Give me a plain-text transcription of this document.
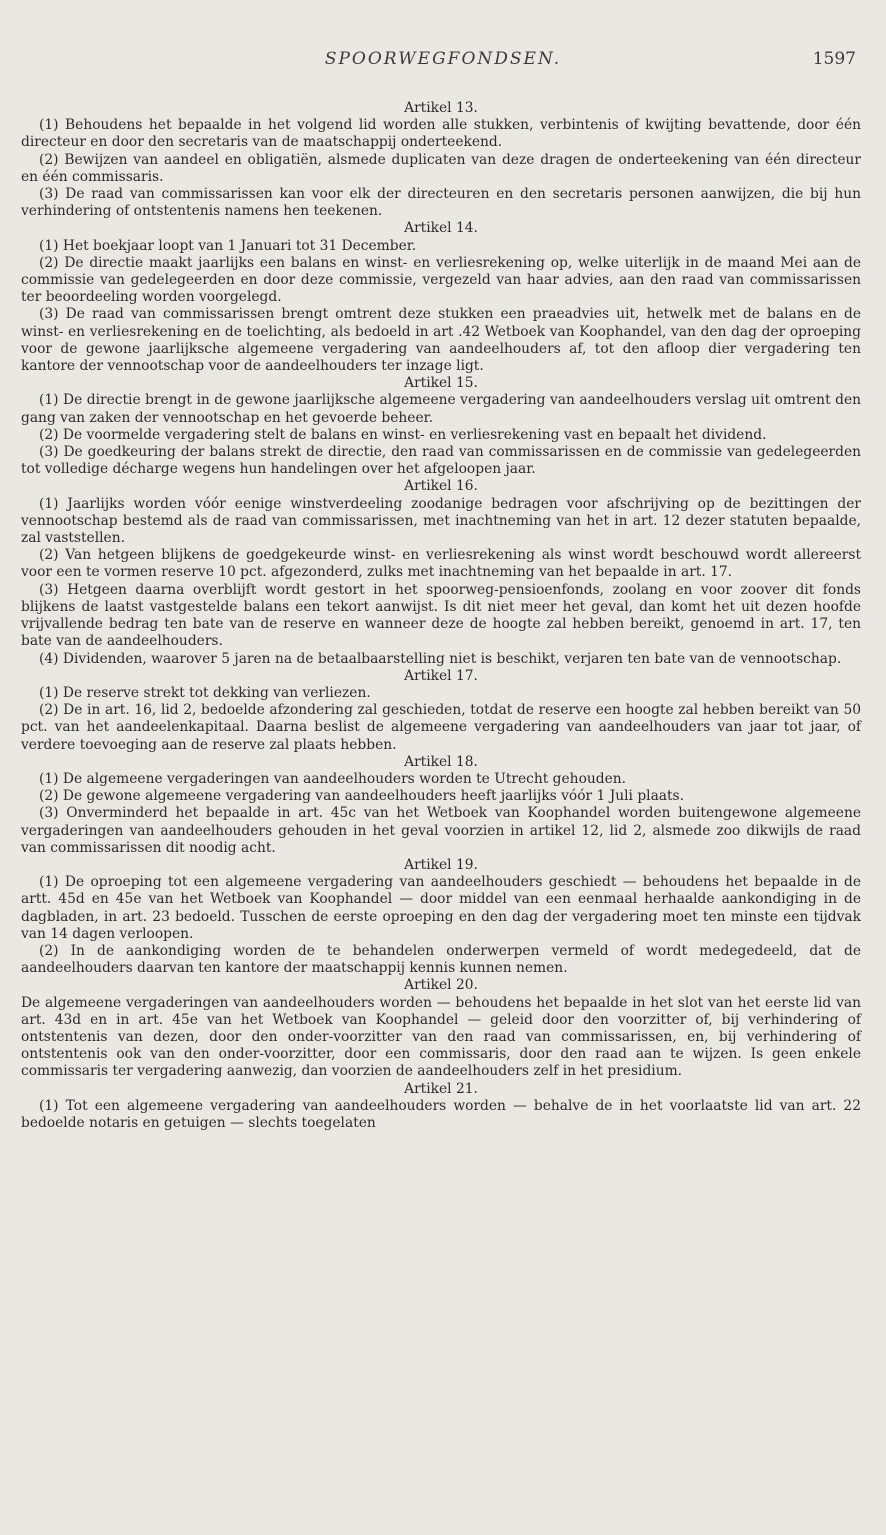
SPOORWEGFONDSEN.	1597

Artikel 13.

(1) Behoudens het bepaalde in het volgend lid worden alle stukken, verbintenis of kwijting bevattende, door één directeur en door den secretaris van de maatschappij onderteekend.

(2) Bewijzen van aandeel en obligatiën, alsmede duplicaten van deze dragen de onderteekening van één directeur en één commissaris.

(3) De raad van commissarissen kan voor elk der directeuren en den secretaris personen aanwijzen, die bij hun verhindering of ontstentenis namens hen teekenen.

Artikel 14.

(1) Het boekjaar loopt van 1 Januari tot 31 December.

(2) De directie maakt jaarlijks een balans en winst- en verliesrekening op, welke uiterlijk in de maand Mei aan de commissie van gedelegeerden en door deze commissie, vergezeld van haar advies, aan den raad van commissarissen ter beoordeeling worden voorgelegd.

(3) De raad van commissarissen brengt omtrent deze stukken een praeadvies uit, hetwelk met de balans en de winst- en verliesrekening en de toelichting, als bedoeld in art .42 Wetboek van Koophandel, van den dag der oproeping voor de gewone jaarlijksche algemeene vergadering van aandeelhouders af, tot den afloop dier vergadering ten kantore der vennootschap voor de aandeelhouders ter inzage ligt.

Artikel 15.

(1) De directie brengt in de gewone jaarlijksche algemeene vergadering van aandeelhouders verslag uit omtrent den gang van zaken der vennootschap en het gevoerde beheer.

(2) De voormelde vergadering stelt de balans en winst- en verliesrekening vast en bepaalt het dividend.

(3) De goedkeuring der balans strekt de directie, den raad van commissarissen en de commissie van gedelegeerden tot volledige décharge wegens hun handelingen over het afgeloopen jaar.

Artikel 16.

(1) Jaarlijks worden vóór eenige winstverdeeling zoodanige bedragen voor afschrijving op de bezittingen der vennootschap bestemd als de raad van commissarissen, met inachtneming van het in art. 12 dezer statuten bepaalde, zal vaststellen.

(2) Van hetgeen blijkens de goedgekeurde winst- en verliesrekening als winst wordt beschouwd wordt allereerst voor een te vormen reserve 10 pct. afgezonderd, zulks met inachtneming van het bepaalde in art. 17.

(3) Hetgeen daarna overblijft wordt gestort in het spoorweg-pensioenfonds, zoolang en voor zoover dit fonds blijkens de laatst vastgestelde balans een tekort aanwijst. Is dit niet meer het geval, dan komt het uit dezen hoofde vrijvallende bedrag ten bate van de reserve en wanneer deze de hoogte zal hebben bereikt, genoemd in art. 17, ten bate van de aandeelhouders.

(4) Dividenden, waarover 5 jaren na de betaalbaarstelling niet is beschikt, verjaren ten bate van de vennootschap.

Artikel 17.

(1) De reserve strekt tot dekking van verliezen.

(2) De in art. 16, lid 2, bedoelde afzondering zal geschieden, totdat de reserve een hoogte zal hebben bereikt van 50 pct. van het aandeelenkapitaal. Daarna beslist de algemeene vergadering van aandeelhouders van jaar tot jaar, of verdere toevoeging aan de reserve zal plaats hebben.

Artikel 18.

(1) De algemeene vergaderingen van aandeelhouders worden te Utrecht gehouden.

(2) De gewone algemeene vergadering van aandeelhouders heeft jaarlijks vóór 1 Juli plaats.

(3) Onverminderd het bepaalde in art. 45c van het Wetboek van Koophandel worden buitengewone algemeene vergaderingen van aandeelhouders gehouden in het geval voorzien in artikel 12, lid 2, alsmede zoo dikwijls de raad van commissarissen dit noodig acht.

Artikel 19.

(1) De oproeping tot een algemeene vergadering van aandeelhouders geschiedt — behoudens het bepaalde in de artt. 45d en 45e van het Wetboek van Koophandel — door middel van een eenmaal herhaalde aankondiging in de dagbladen, in art. 23 bedoeld. Tusschen de eerste oproeping en den dag der vergadering moet ten minste een tijdvak van 14 dagen verloopen.

(2) In de aankondiging worden de te behandelen onderwerpen vermeld of wordt medegedeeld, dat de aandeelhouders daarvan ten kantore der maatschappij kennis kunnen nemen.

Artikel 20.

De algemeene vergaderingen van aandeelhouders worden — behoudens het bepaalde in het slot van het eerste lid van art. 43d en in art. 45e van het Wetboek van Koophandel — geleid door den voorzitter of, bij verhindering of ontstentenis van dezen, door den onder-voorzitter van den raad van commissarissen, en, bij verhindering of ontstentenis ook van den onder-voorzitter, door een commissaris, door den raad aan te wijzen. Is geen enkele commissaris ter vergadering aanwezig, dan voorzien de aandeelhouders zelf in het presidium.

Artikel 21.

(1) Tot een algemeene vergadering van aandeelhouders worden — behalve de in het voorlaatste lid van art. 22 bedoelde notaris en getuigen — slechts toegelaten
